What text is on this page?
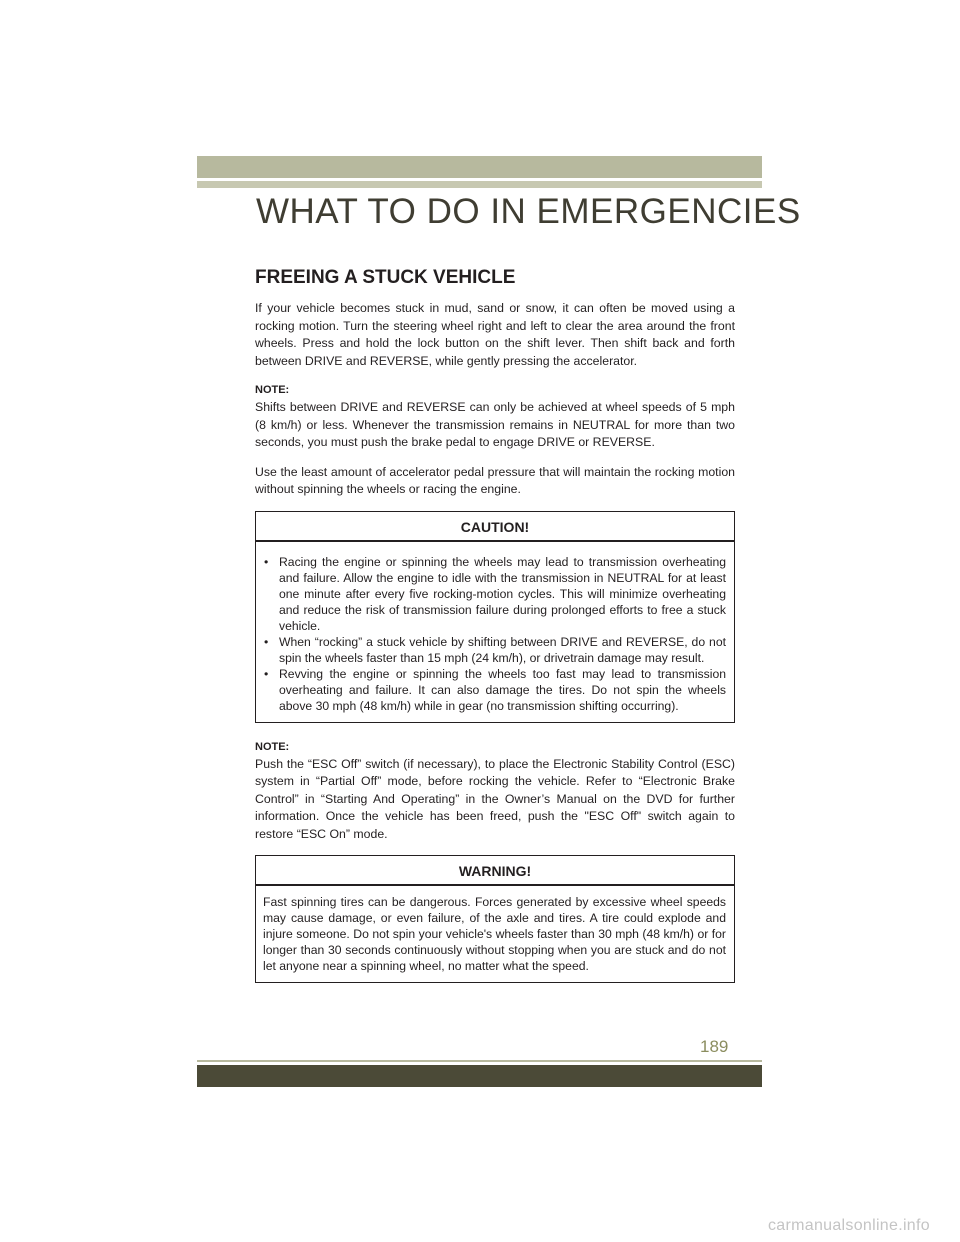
WHAT TO DO IN EMERGENCIES
FREEING A STUCK VEHICLE

If your vehicle becomes stuck in mud, sand or snow, it can often be moved using a rocking motion. Turn the steering wheel right and left to clear the area around the front wheels. Press and hold the lock button on the shift lever. Then shift back and forth between DRIVE and REVERSE, while gently pressing the accelerator.

NOTE:

Shifts between DRIVE and REVERSE can only be achieved at wheel speeds of 5 mph (8 km/h) or less. Whenever the transmission remains in NEUTRAL for more than two seconds, you must push the brake pedal to engage DRIVE or REVERSE.

Use the least amount of accelerator pedal pressure that will maintain the rocking motion without spinning the wheels or racing the engine.

CAUTION!
• Racing the engine or spinning the wheels may lead to transmission overheating and failure. Allow the engine to idle with the transmission in NEUTRAL for at least one minute after every five rocking-motion cycles. This will minimize overheating and reduce the risk of transmission failure during prolonged efforts to free a stuck vehicle.
• When “rocking” a stuck vehicle by shifting between DRIVE and REVERSE, do not spin the wheels faster than 15 mph (24 km/h), or drivetrain damage may result.
• Revving the engine or spinning the wheels too fast may lead to transmission overheating and failure. It can also damage the tires. Do not spin the wheels above 30 mph (48 km/h) while in gear (no transmission shifting occurring).

NOTE:

Push the “ESC Off” switch (if necessary), to place the Electronic Stability Control (ESC) system in “Partial Off” mode, before rocking the vehicle. Refer to “Electronic Brake Control” in “Starting And Operating” in the Owner’s Manual on the DVD for further information. Once the vehicle has been freed, push the "ESC Off" switch again to restore “ESC On” mode.

WARNING!
Fast spinning tires can be dangerous. Forces generated by excessive wheel speeds may cause damage, or even failure, of the axle and tires. A tire could explode and injure someone. Do not spin your vehicle's wheels faster than 30 mph (48 km/h) or for longer than 30 seconds continuously without stopping when you are stuck and do not let anyone near a spinning wheel, no matter what the speed.
189
carmanualsonline.info
